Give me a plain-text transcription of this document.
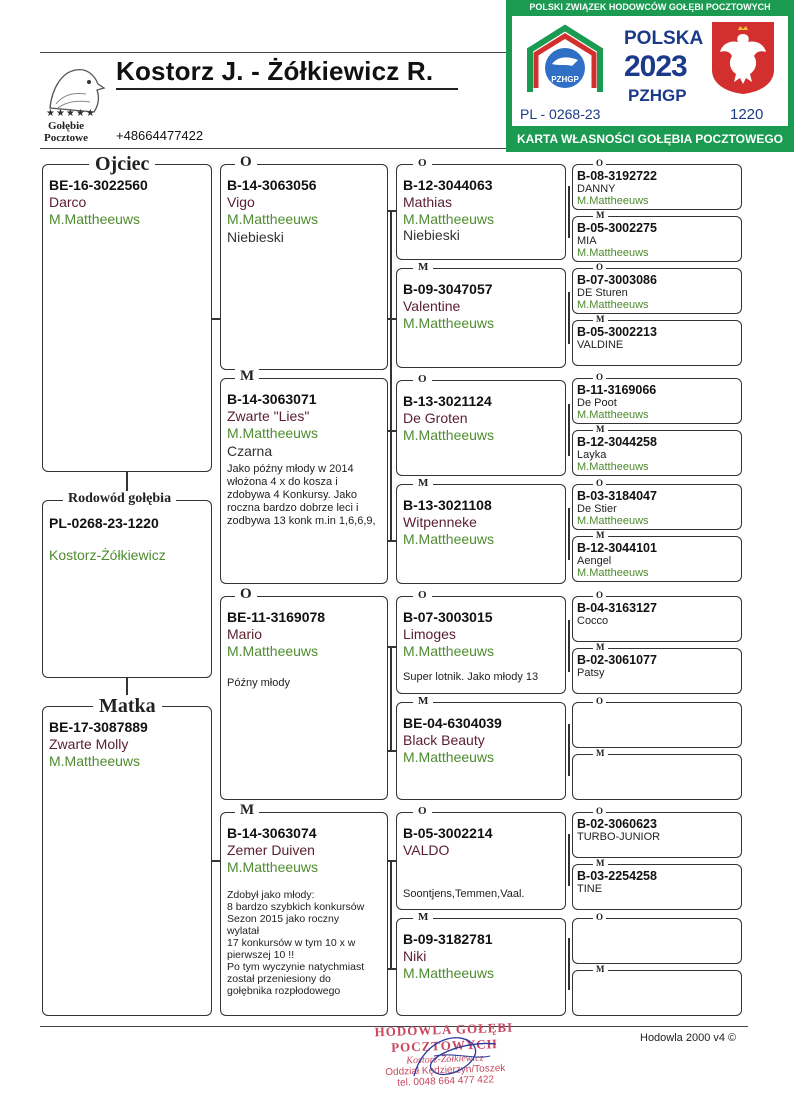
★★★★★
Gołębie
Pocztowe
Kostorz J. - Żółkiewicz R.
+48664477422
POLSKI ZWIĄZEK HODOWCÓW GOŁĘBI POCZTOWYCH
PZHGP
POLSKA
2023
PZHGP
PL - 0268-23	1220
KARTA WŁASNOŚCI GOŁĘBIA POCZTOWEGO
Ojciec
BE-16-3022560
Darco
M.Mattheeuws
Rodowód gołębia
PL-0268-23-1220
Kostorz-Żółkiewicz
Matka
BE-17-3087889
Zwarte Molly
M.Mattheeuws
O
B-14-3063056
Vigo
M.Mattheeuws
Niebieski
M
B-14-3063071
Zwarte "Lies"
M.Mattheeuws
Czarna
Jako późny młody w 2014
włożona 4 x do kosza i
zdobywa 4 Konkursy. Jako
roczna bardzo dobrze leci i
zodbywa 13 konk m.in 1,6,6,9,
O
BE-11-3169078
Mario
M.Mattheeuws
Późny młody
M
B-14-3063074
Zemer Duiven
M.Mattheeuws
Zdobył jako młody:
8 bardzo szybkich konkursów
Sezon 2015 jako roczny
wylatał
17 konkursów w tym 10 x w
pierwszej 10 !!
Po tym wyczynie natychmiast
został przeniesiony do
gołębnika rozpłodowego
O
B-12-3044063
Mathias
M.Mattheeuws
Niebieski
M
B-09-3047057
Valentine
M.Mattheeuws
O
B-13-3021124
De Groten
M.Mattheeuws
M
B-13-3021108
Witpenneke
M.Mattheeuws
O
B-07-3003015
Limoges
M.Mattheeuws
Super lotnik. Jako młody 13
M
BE-04-6304039
Black Beauty
M.Mattheeuws
O
B-05-3002214
VALDO
Soontjens,Temmen,Vaal.
M
B-09-3182781
Niki
M.Mattheeuws
O
B-08-3192722
DANNY
M.Mattheeuws
M
B-05-3002275
MIA
M.Mattheeuws
O
B-07-3003086
DE Sturen
M.Mattheeuws
M
B-05-3002213
VALDINE
O
B-11-3169066
De Poot
M.Mattheeuws
M
B-12-3044258
Layka
M.Mattheeuws
O
B-03-3184047
De Stier
M.Mattheeuws
M
B-12-3044101
Aengel
M.Mattheeuws
O
B-04-3163127
Cocco
M
B-02-3061077
Patsy
O
M
O
B-02-3060623
TURBO-JUNIOR
M
B-03-2254258
TINE
O
M
Hodowla 2000 v4 ©
HODOWLA GOŁĘBI
POCZTOWYCH
Kostorz-Żółkiewicz
Oddział Kędzierzyn/Toszek
tel. 0048 664 477 422
